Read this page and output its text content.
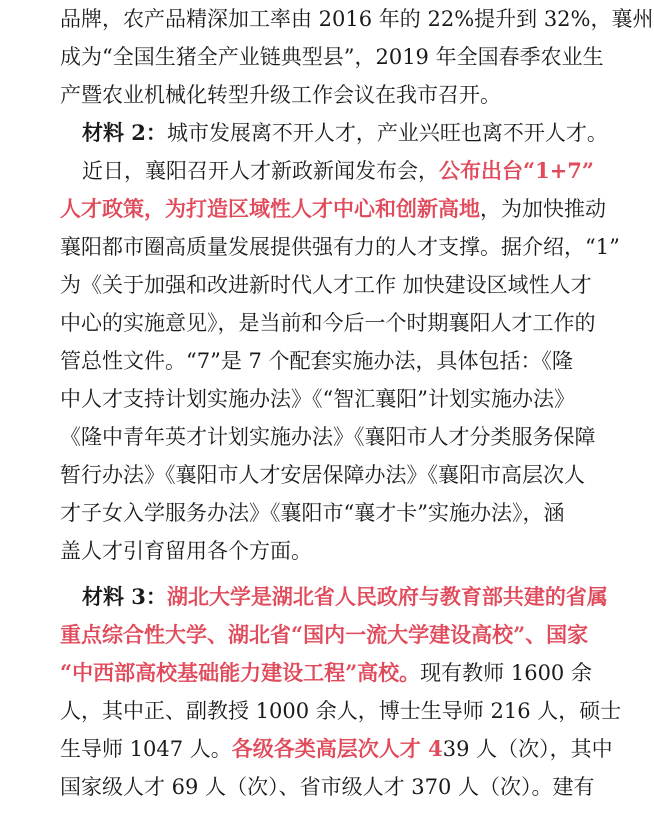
品牌，农产品精深加工率由 2016 年的 22%提升到 32%，襄州
成为“全国生猪全产业链典型县”，2019 年全国春季农业生
产暨农业机械化转型升级工作会议在我市召开。
材料 2：城市发展离不开人才，产业兴旺也离不开人才。
近日，襄阳召开人才新政新闻发布会，公布出台“1+7”
人才政策，为打造区域性人才中心和创新高地，为加快推动
襄阳都市圈高质量发展提供强有力的人才支撑。据介绍，“1”
为《关于加强和改进新时代人才工作 加快建设区域性人才
中心的实施意见》，是当前和今后一个时期襄阳人才工作的
管总性文件。“7”是 7 个配套实施办法，具体包括：《隆
中人才支持计划实施办法》《“智汇襄阳”计划实施办法》
《隆中青年英才计划实施办法》《襄阳市人才分类服务保障
暂行办法》《襄阳市人才安居保障办法》《襄阳市高层次人
才子女入学服务办法》《襄阳市“襄才卡”实施办法》，涵
盖人才引育留用各个方面。
材料 3：湖北大学是湖北省人民政府与教育部共建的省属
重点综合性大学、湖北省“国内一流大学建设高校”、国家
“中西部高校基础能力建设工程”高校。现有教师 1600 余
人，其中正、副教授 1000 余人，博士生导师 216 人，硕士
生导师 1047 人。各级各类高层次人才 439 人（次），其中
国家级人才 69 人（次）、省市级人才 370 人（次）。建有
